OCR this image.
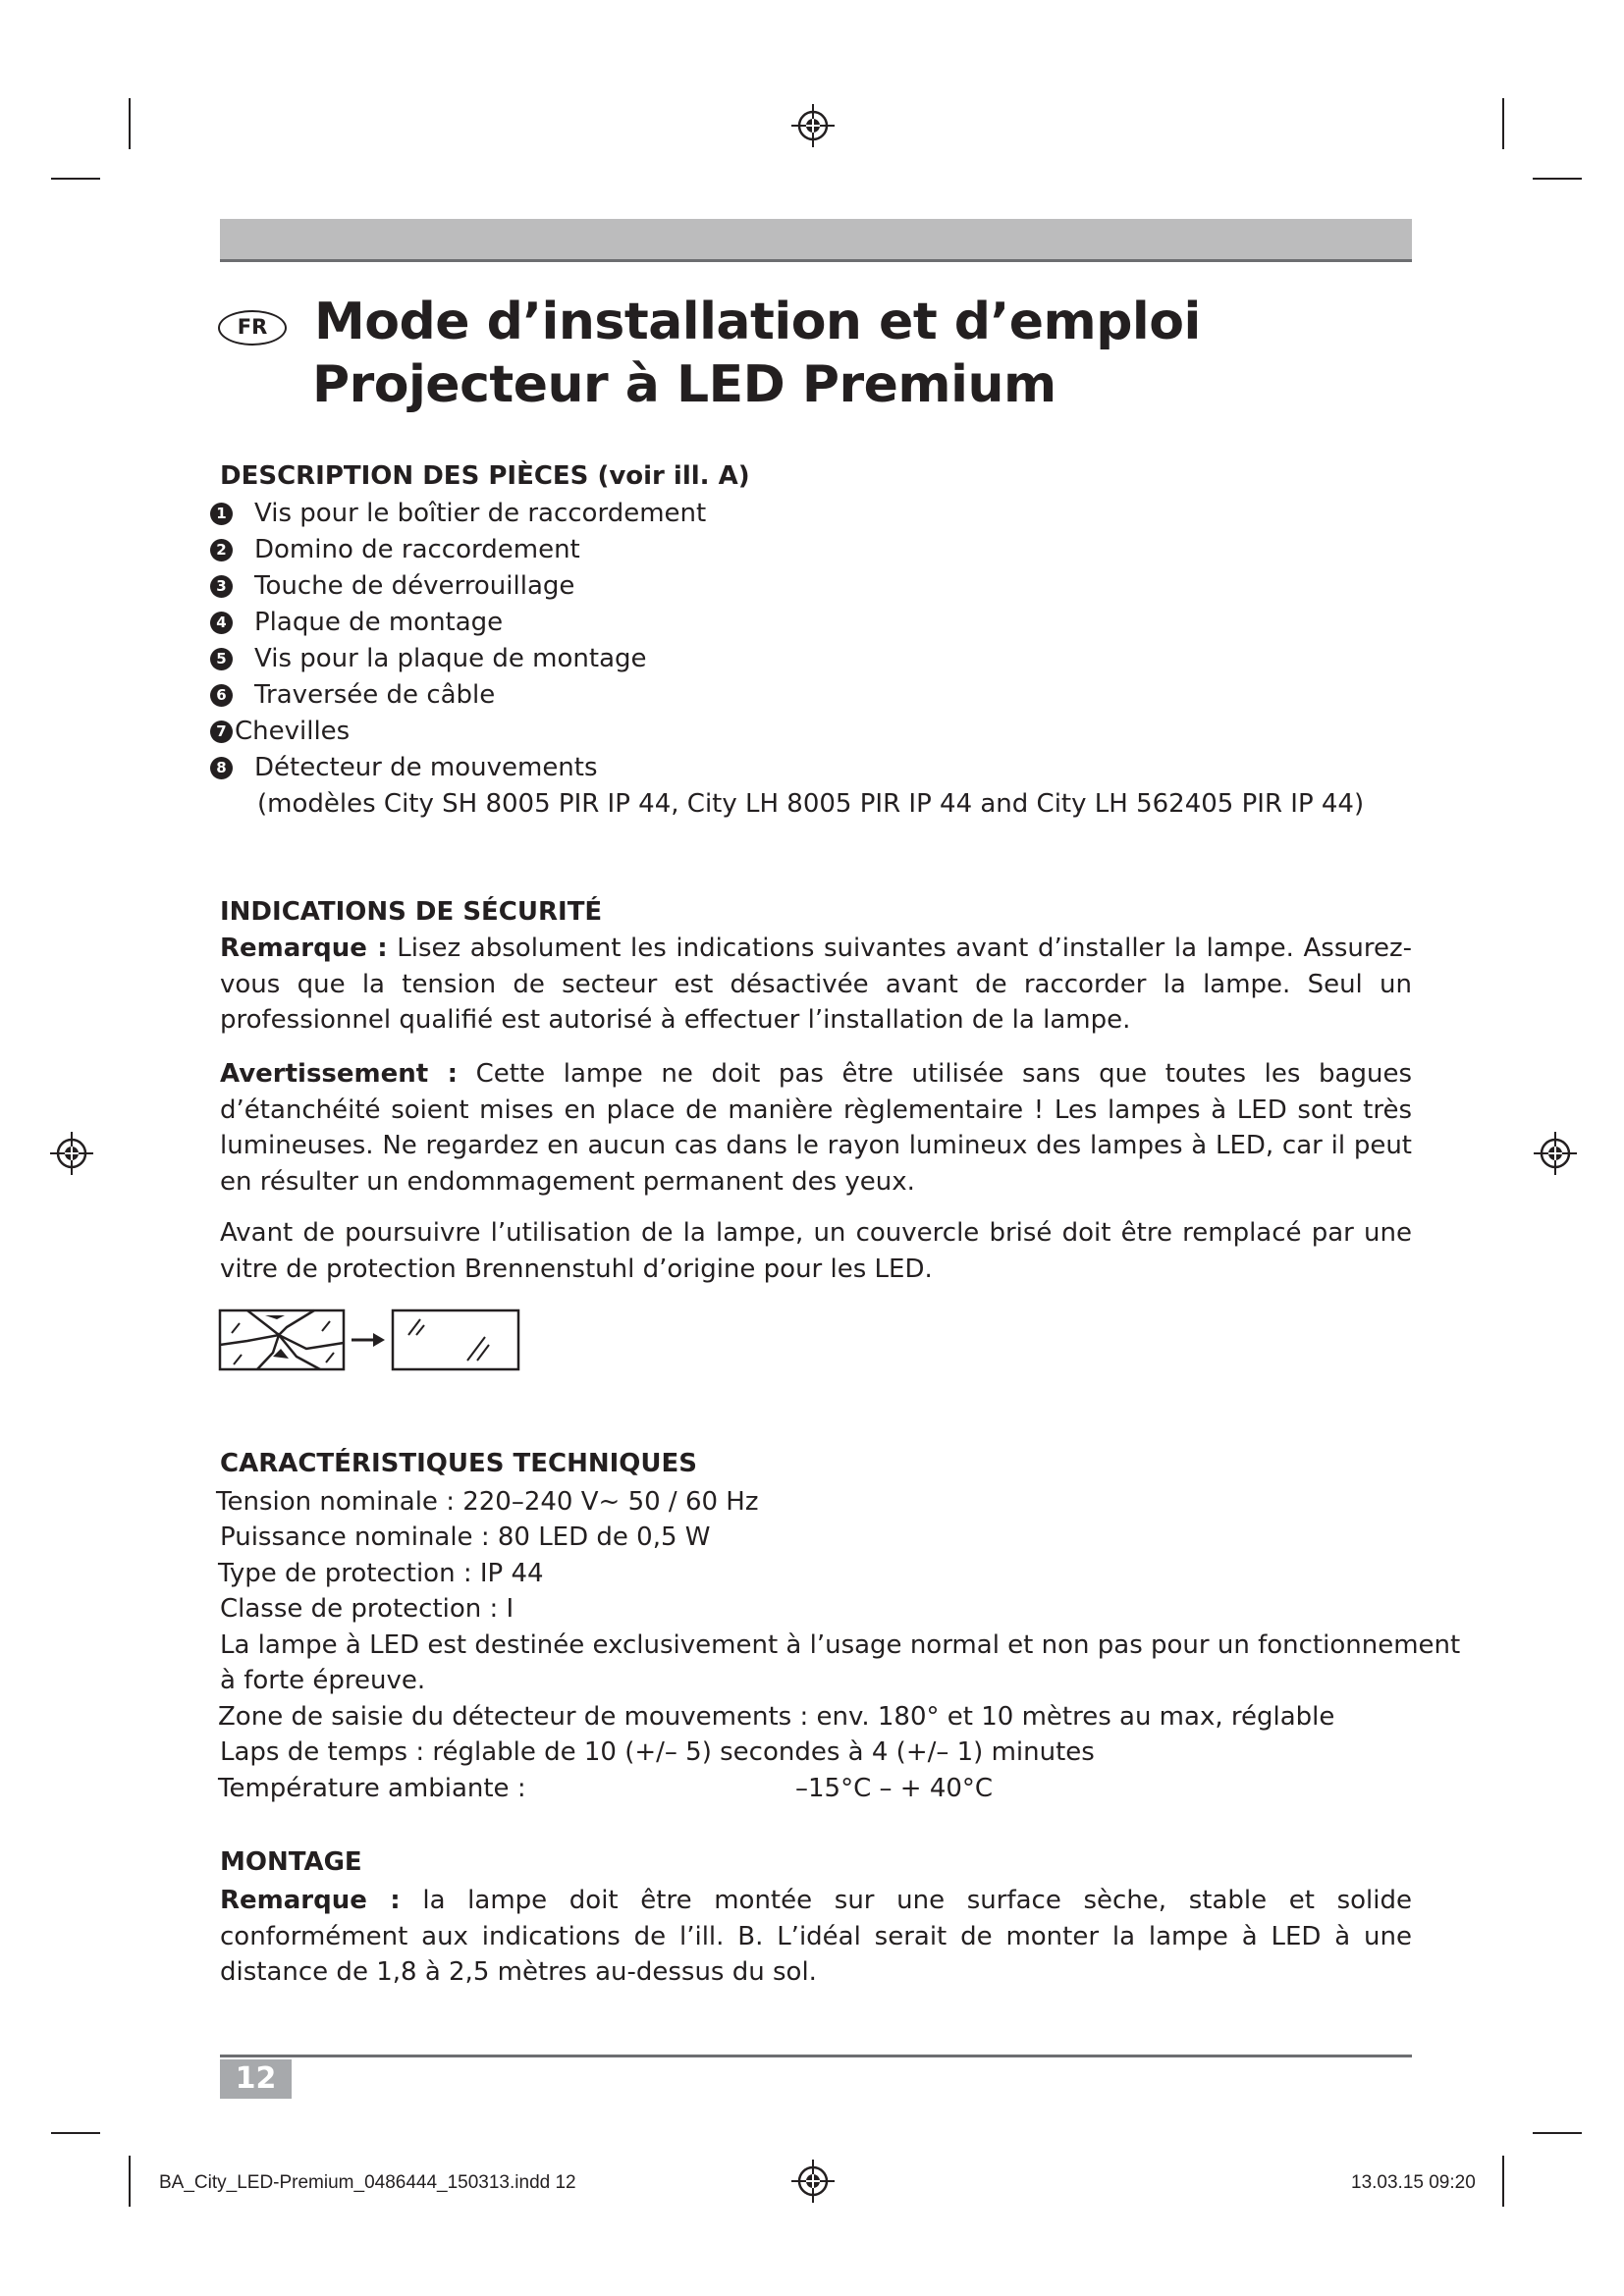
FR Mode d’installation et d’emploi
Projecteur à LED Premium
DESCRIPTION DES PIÈCES (voir ill. A)
1 Vis pour le boîtier de raccordement
2 Domino de raccordement
3 Touche de déverrouillage
4 Plaque de montage
5 Vis pour la plaque de montage
6 Traversée de câble
7 Chevilles
8 Détecteur de mouvements
(modèles City SH 8005 PIR IP 44, City LH 8005 PIR IP 44 and City LH 562405 PIR IP 44)
INDICATIONS DE SÉCURITÉ
Remarque : Lisez absolument les indications suivantes avant d’installer la lampe. Assurez-vous que la tension de secteur est désactivée avant de raccorder la lampe. Seul un professionnel qualifié est autorisé à effectuer l’installation de la lampe.
Avertissement : Cette lampe ne doit pas être utilisée sans que toutes les bagues d’étanchéité soient mises en place de manière règlementaire ! Les lampes à LED sont très lumineuses. Ne regardez en aucun cas dans le rayon lumineux des lampes à LED, car il peut en résulter un endommagement permanent des yeux.
Avant de poursuivre l’utilisation de la lampe, un couvercle brisé doit être remplacé par une vitre de protection Brennenstuhl d’origine pour les LED.
CARACTÉRISTIQUES TECHNIQUES
Tension nominale : 220–240 V~ 50 / 60 Hz
Puissance nominale : 80 LED de 0,5 W
Type de protection : IP 44
Classe de protection : I
La lampe à LED est destinée exclusivement à l’usage normal et non pas pour un fonctionnement
à forte épreuve.
Zone de saisie du détecteur de mouvements : env. 180° et 10 mètres au max, réglable
Laps de temps : réglable de 10 (+/– 5) secondes à 4 (+/– 1) minutes
Température ambiante :	–15°C – + 40°C
MONTAGE
Remarque : la lampe doit être montée sur une surface sèche, stable et solide conformément aux indications de l’ill. B. L’idéal serait de monter la lampe à LED à une distance de 1,8 à 2,5 mètres au-dessus du sol.
12
BA_City_LED-Premium_0486444_150313.indd 12	13.03.15 09:20
